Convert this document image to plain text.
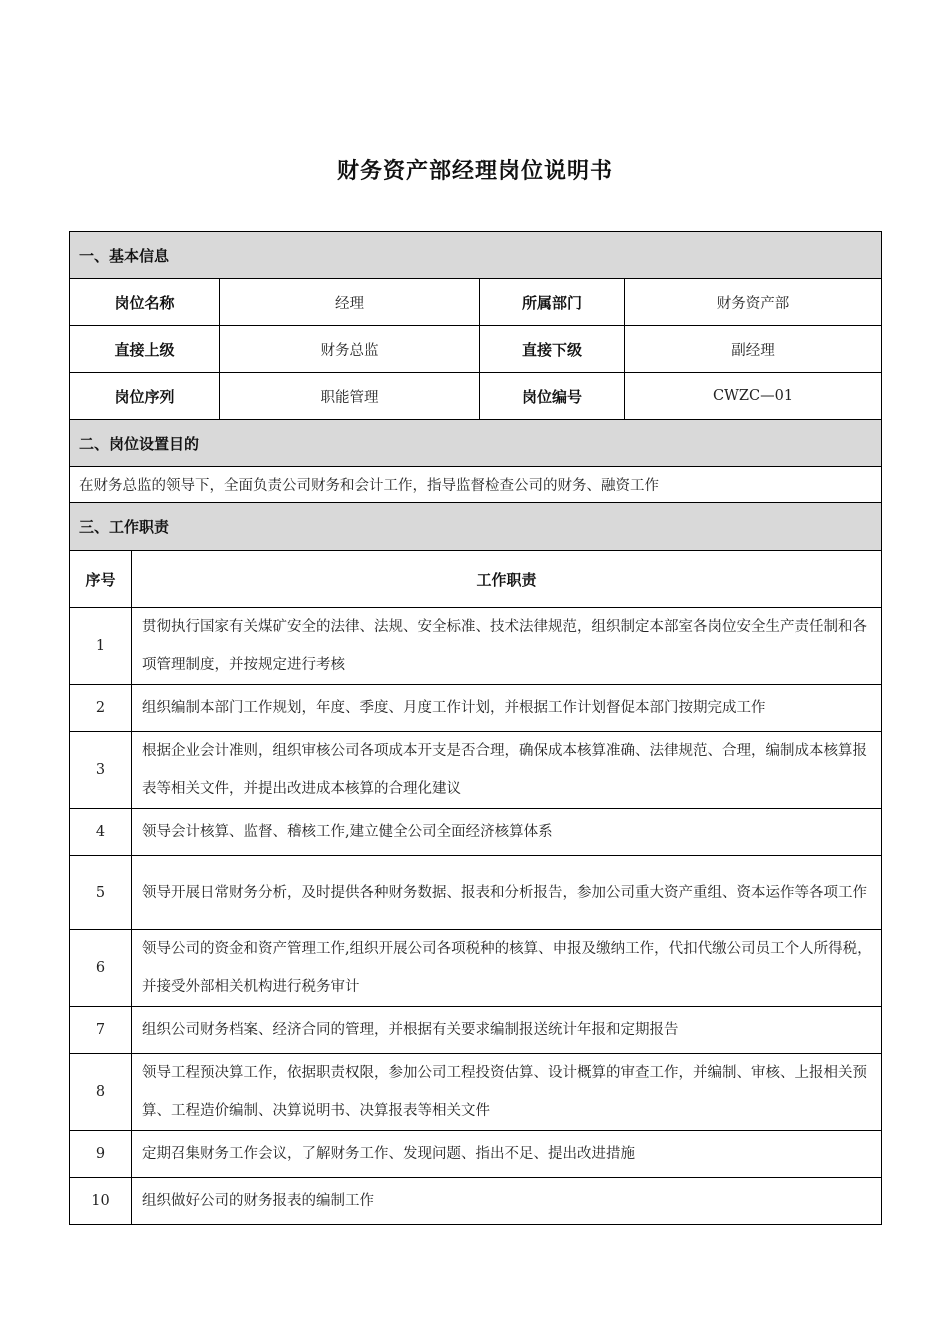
财务资产部经理岗位说明书
一、基本信息			
岗位名称	经理	所属部门	财务资产部
直接上级	财务总监	直接下级	副经理
岗位序列	职能管理	岗位编号	CWZC—01
二、岗位设置目的			
在财务总监的领导下，全面负责公司财务和会计工作，指导监督检查公司的财务、融资工作			
三、工作职责	
序号	工作职责
1	贯彻执行国家有关煤矿安全的法律、法规、安全标准、技术法律规范，组织制定本部室各岗位安全生产责任制和各项管理制度，并按规定进行考核
2	组织编制本部门工作规划，年度、季度、月度工作计划，并根据工作计划督促本部门按期完成工作
3	根据企业会计准则，组织审核公司各项成本开支是否合理，确保成本核算准确、法律规范、合理，编制成本核算报表等相关文件，并提出改进成本核算的合理化建议
4	领导会计核算、监督、稽核工作,建立健全公司全面经济核算体系
5	领导开展日常财务分析，及时提供各种财务数据、报表和分析报告，参加公司重大资产重组、资本运作等各项工作
6	领导公司的资金和资产管理工作,组织开展公司各项税种的核算、申报及缴纳工作，代扣代缴公司员工个人所得税，并接受外部相关机构进行税务审计
7	组织公司财务档案、经济合同的管理，并根据有关要求编制报送统计年报和定期报告
8	领导工程预决算工作，依据职责权限，参加公司工程投资估算、设计概算的审查工作，并编制、审核、上报相关预算、工程造价编制、决算说明书、决算报表等相关文件
9	定期召集财务工作会议，了解财务工作、发现问题、指出不足、提出改进措施
10	组织做好公司的财务报表的编制工作
